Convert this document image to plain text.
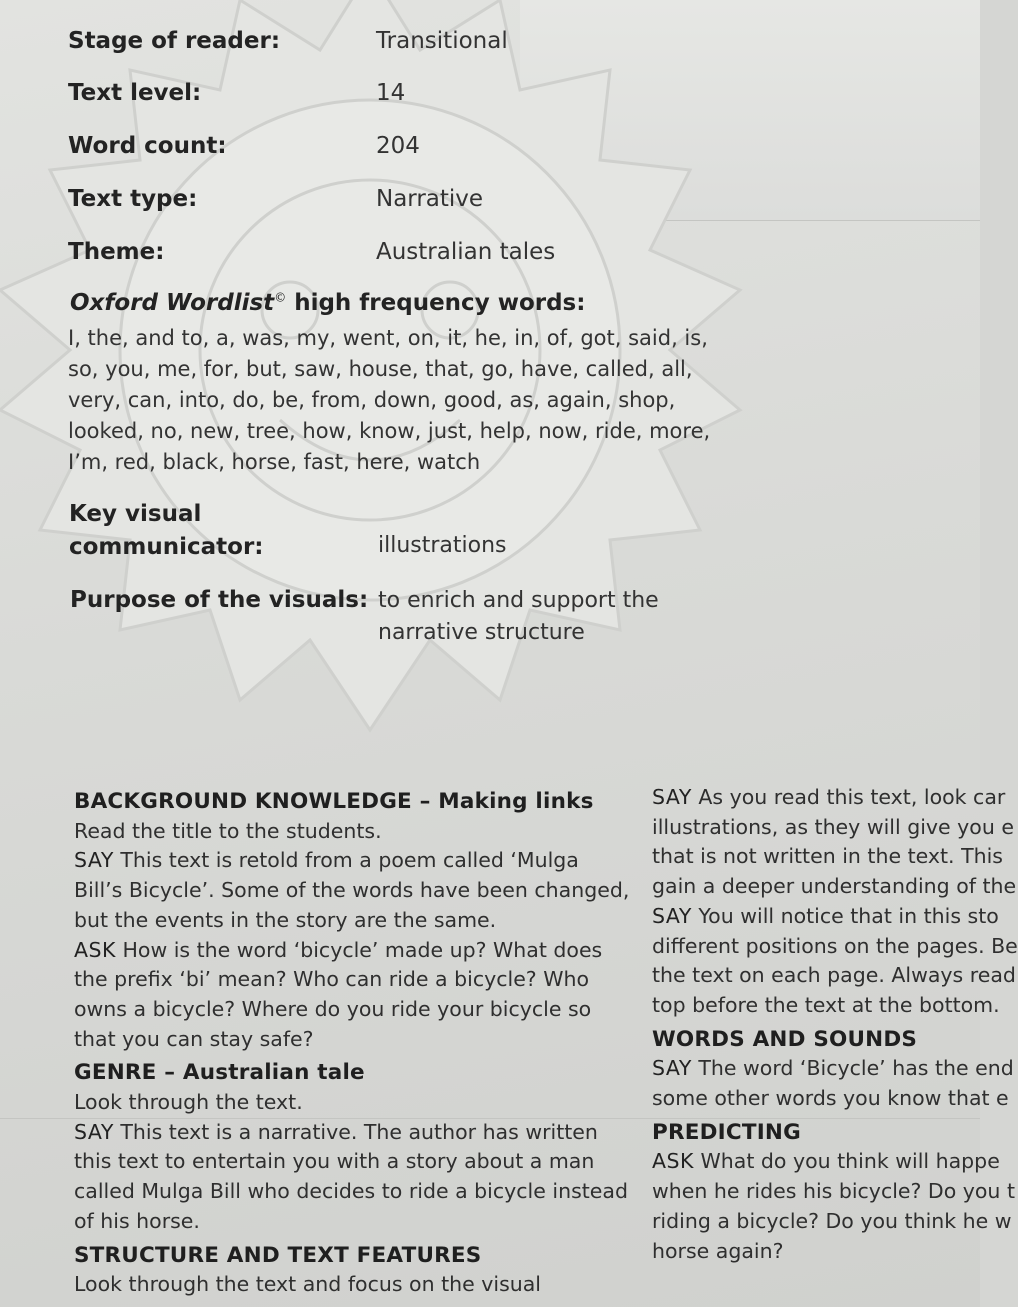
Stage of reader:	Transitional
Text level:	14
Word count:	204
Text type:	Narrative
Theme:	Australian tales
Oxford Wordlist© high frequency words:
I, the, and to, a, was, my, went, on, it, he, in, of, got, said, is,
so, you, me, for, but, saw, house, that, go, have, called, all,
very, can, into, do, be, from, down, good, as, again, shop,
looked, no, new, tree, how, know, just, help, now, ride, more,
I’m, red, black, horse, fast, here, watch
Key visual
communicator:	illustrations
Purpose of the visuals: to enrich and support the
narrative structure
BACKGROUND KNOWLEDGE – Making links
Read the title to the students.
SAY This text is retold from a poem called ‘Mulga
Bill’s Bicycle’. Some of the words have been changed,
but the events in the story are the same.
ASK How is the word ‘bicycle’ made up? What does
the prefix ‘bi’ mean? Who can ride a bicycle? Who
owns a bicycle? Where do you ride your bicycle so
that you can stay safe?
GENRE – Australian tale
Look through the text.
SAY This text is a narrative. The author has written
this text to entertain you with a story about a man
called Mulga Bill who decides to ride a bicycle instead
of his horse.
STRUCTURE AND TEXT FEATURES
Look through the text and focus on the visual
SAY As you read this text, look car
illustrations, as they will give you e
that is not written in the text. This
gain a deeper understanding of the
SAY You will notice that in this sto
different positions on the pages. Be
the text on each page. Always read
top before the text at the bottom.
WORDS AND SOUNDS
SAY The word ‘Bicycle’ has the end
some other words you know that e
PREDICTING
ASK What do you think will happe
when he rides his bicycle? Do you t
riding a bicycle? Do you think he w
horse again?
